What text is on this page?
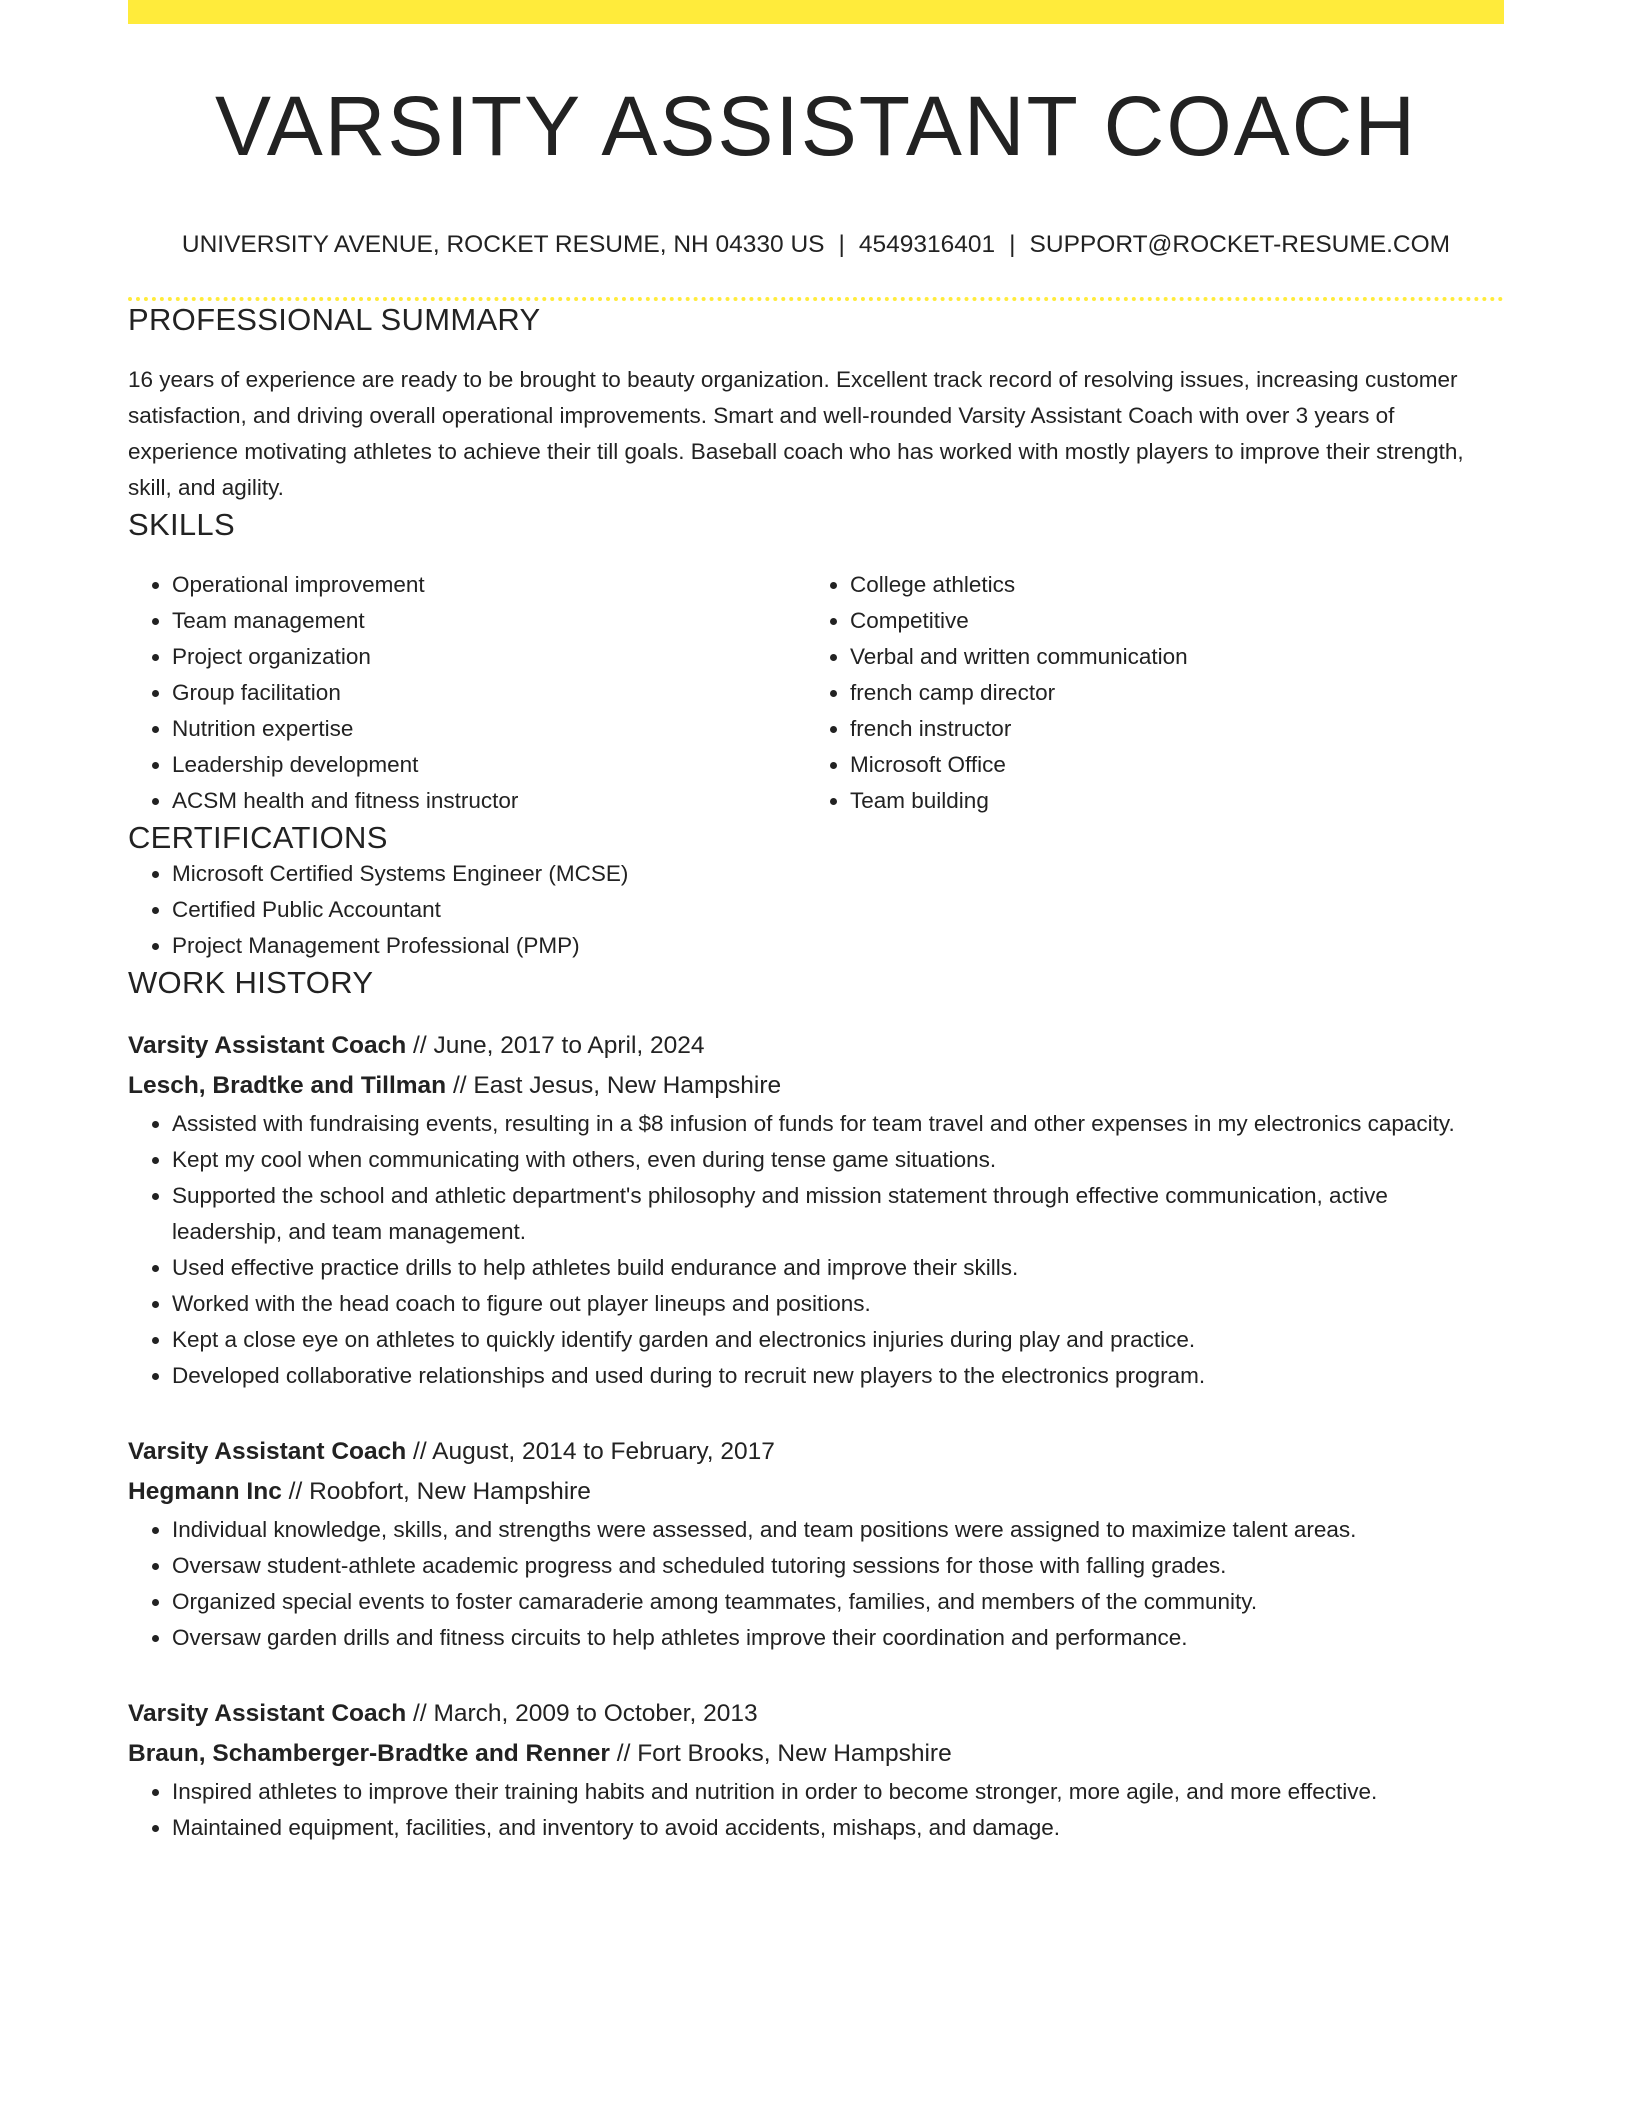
VARSITY ASSISTANT COACH
UNIVERSITY AVENUE, ROCKET RESUME, NH 04330 US | 4549316401 | SUPPORT@ROCKET-RESUME.COM
PROFESSIONAL SUMMARY

16 years of experience are ready to be brought to beauty organization. Excellent track record of resolving issues, increasing customer satisfaction, and driving overall operational improvements. Smart and well-rounded Varsity Assistant Coach with over 3 years of experience motivating athletes to achieve their till goals. Baseball coach who has worked with mostly players to improve their strength, skill, and agility.

SKILLS
• Operational improvement
• Team management
• Project organization
• Group facilitation
• Nutrition expertise
• Leadership development
• ACSM health and fitness instructor
• College athletics
• Competitive
• Verbal and written communication
• french camp director
• french instructor
• Microsoft Office
• Team building
CERTIFICATIONS
• Microsoft Certified Systems Engineer (MCSE)
• Certified Public Accountant
• Project Management Professional (PMP)
WORK HISTORY
Varsity Assistant Coach // June, 2017 to April, 2024
Lesch, Bradtke and Tillman // East Jesus, New Hampshire
• Assisted with fundraising events, resulting in a $8 infusion of funds for team travel and other expenses in my electronics capacity.
• Kept my cool when communicating with others, even during tense game situations.
• Supported the school and athletic department's philosophy and mission statement through effective communication, active leadership, and team management.
• Used effective practice drills to help athletes build endurance and improve their skills.
• Worked with the head coach to figure out player lineups and positions.
• Kept a close eye on athletes to quickly identify garden and electronics injuries during play and practice.
• Developed collaborative relationships and used during to recruit new players to the electronics program.
Varsity Assistant Coach // August, 2014 to February, 2017
Hegmann Inc // Roobfort, New Hampshire
• Individual knowledge, skills, and strengths were assessed, and team positions were assigned to maximize talent areas.
• Oversaw student-athlete academic progress and scheduled tutoring sessions for those with falling grades.
• Organized special events to foster camaraderie among teammates, families, and members of the community.
• Oversaw garden drills and fitness circuits to help athletes improve their coordination and performance.
Varsity Assistant Coach // March, 2009 to October, 2013
Braun, Schamberger-Bradtke and Renner // Fort Brooks, New Hampshire
• Inspired athletes to improve their training habits and nutrition in order to become stronger, more agile, and more effective.
• Maintained equipment, facilities, and inventory to avoid accidents, mishaps, and damage.
